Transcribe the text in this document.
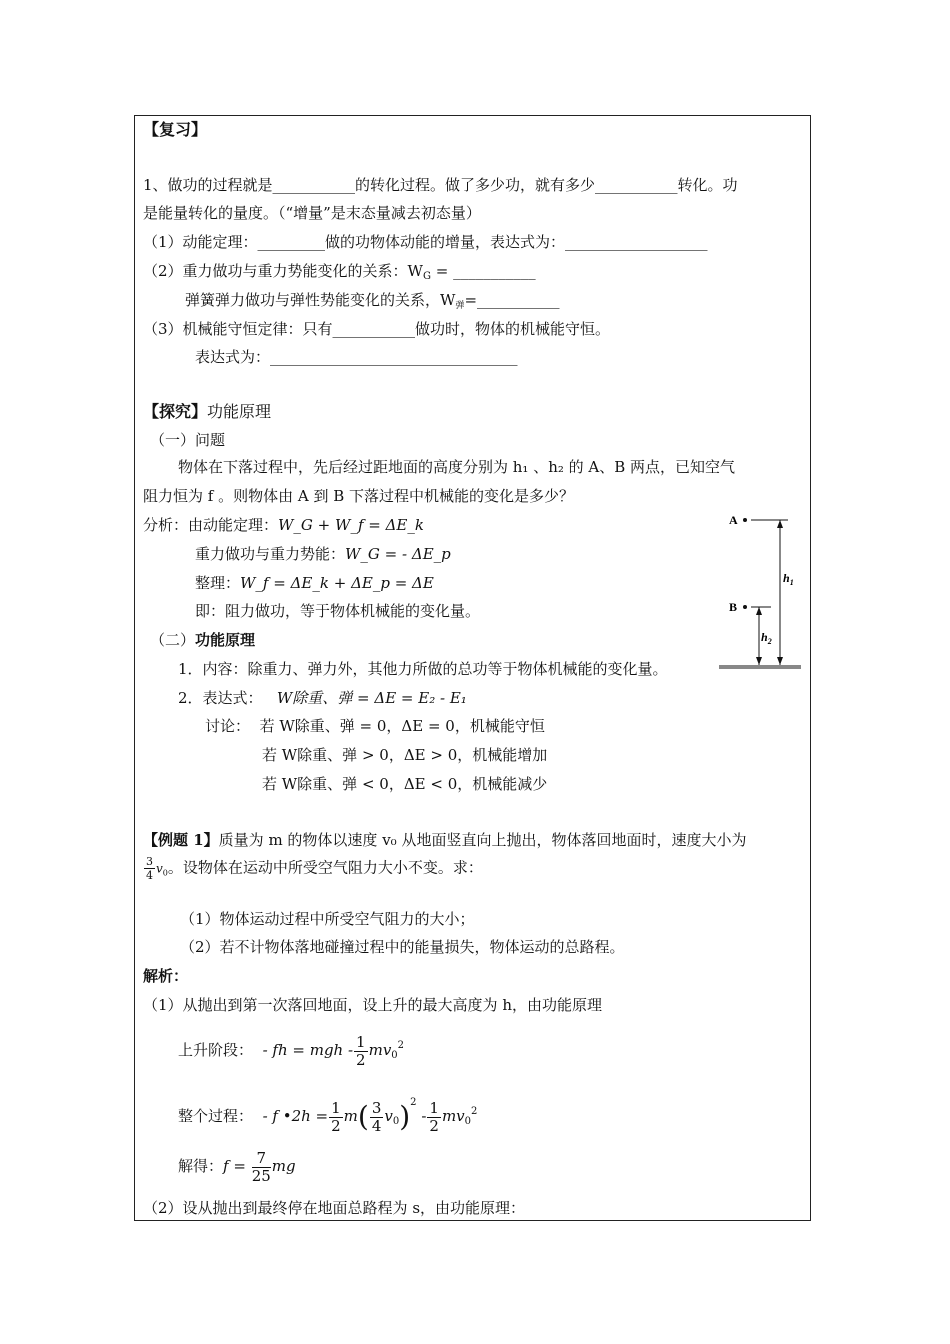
【复习】
1、做功的过程就是___________的转化过程。做了多少功，就有多少___________转化。功
是能量转化的量度。（“增量”是末态量减去初态量）
（1）动能定理：_________做的功物体动能的增量，表达式为：___________________
（2）重力做功与重力势能变化的关系：$W_G$ = ___________
弹簧弹力做功与弹性势能变化的关系，$W_弹=\_\_\_\_\_\_\_\_\_\_\_$
（3）机械能守恒定律：只有___________做功时，物体的机械能守恒。
表达式为：_________________________________
【探究】功能原理
（一）问题
物体在下落过程中，先后经过距地面的高度分别为 h₁ 、h₂ 的 A、B 两点，已知空气
阻力恒为 f 。则物体由 A 到 B 下落过程中机械能的变化是多少？
分析：由动能定理：W_G + W_f = ΔE_k
重力做功与重力势能：W_G = - ΔE_p
整理：W_f = ΔE_k + ΔE_p = ΔE
即：阻力做功，等于物体机械能的变化量。
（二）功能原理
1．内容：除重力、弹力外，其他力所做的总功等于物体机械能的变化量。
2．表达式： W除重、弹 = ΔE = E₂ - E₁
讨论： 若 W除重、弹 = 0，ΔE = 0，机械能守恒
若 W除重、弹 > 0，ΔE > 0，机械能增加
若 W除重、弹 < 0，ΔE < 0，机械能减少
A
B
$h_1$
$h_2$
【例题 1】质量为 m 的物体以速度 v₀ 从地面竖直向上抛出，物体落回地面时，速度大小为
$\frac{3}{4} v_0$。设物体在运动中所受空气阻力大小不变。求：
（1）物体运动过程中所受空气阻力的大小；
（2）若不计物体落地碰撞过程中的能量损失，物体运动的总路程。
解析：
（1）从抛出到第一次落回地面，设上升的最大高度为 h，由功能原理
上升阶段： - fh = mgh - $\frac{1}{2} mv_0^2$
整个过程： - f •2h = $\frac{1}{2} m( \frac{3}{4} v_0)^2 - \frac{1}{2} mv_0^2$
解得：$f = \frac{7}{25}$ mg
（2）设从抛出到最终停在地面总路程为 s，由功能原理：
